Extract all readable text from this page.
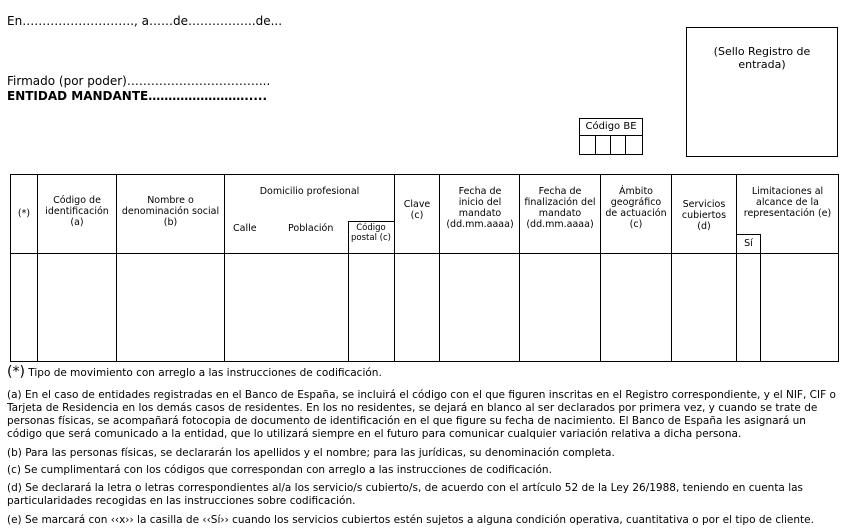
En………………………., a……de……………..de...
Firmado (por poder)……………………………...
ENTIDAD MANDANTE…………………….....
(Sello Registro de entrada)
Código BE
(*)
Código de identificación (a)
Nombre o denominación social (b)
Domicilio profesional
Calle	Población	Código postal (c)
Clave (c)
Fecha de inicio del mandato (dd.mm.aaaa)
Fecha de finalización del mandato (dd.mm.aaaa)
Ámbito geográfico de actuación (c)
Servicios cubiertos (d)
Limitaciones al alcance de la representación (e)
Sí
(*) Tipo de movimiento con arreglo a las instrucciones de codificación.
(a) En el caso de entidades registradas en el Banco de España, se incluirá el código con el que figuren inscritas en el Registro correspondiente, y el NIF, CIF o Tarjeta de Residencia en los demás casos de residentes. En los no residentes, se dejará en blanco al ser declarados por primera vez, y cuando se trate de personas físicas, se acompañará fotocopia de documento de identificación en el que figure su fecha de nacimiento. El Banco de España les asignará un código que será comunicado a la entidad, que lo utilizará siempre en el futuro para comunicar cualquier variación relativa a dicha persona.
(b) Para las personas físicas, se declararán los apellidos y el nombre; para las jurídicas, su denominación completa.
(c) Se cumplimentará con los códigos que correspondan con arreglo a las instrucciones de codificación.
(d) Se declarará la letra o letras correspondientes al/a los servicio/s cubierto/s, de acuerdo con el artículo 52 de la Ley 26/1988, teniendo en cuenta las particularidades recogidas en las instrucciones sobre codificación.
(e) Se marcará con ‹‹x›› la casilla de ‹‹Sí›› cuando los servicios cubiertos estén sujetos a alguna condición operativa, cuantitativa o por el tipo de cliente.
